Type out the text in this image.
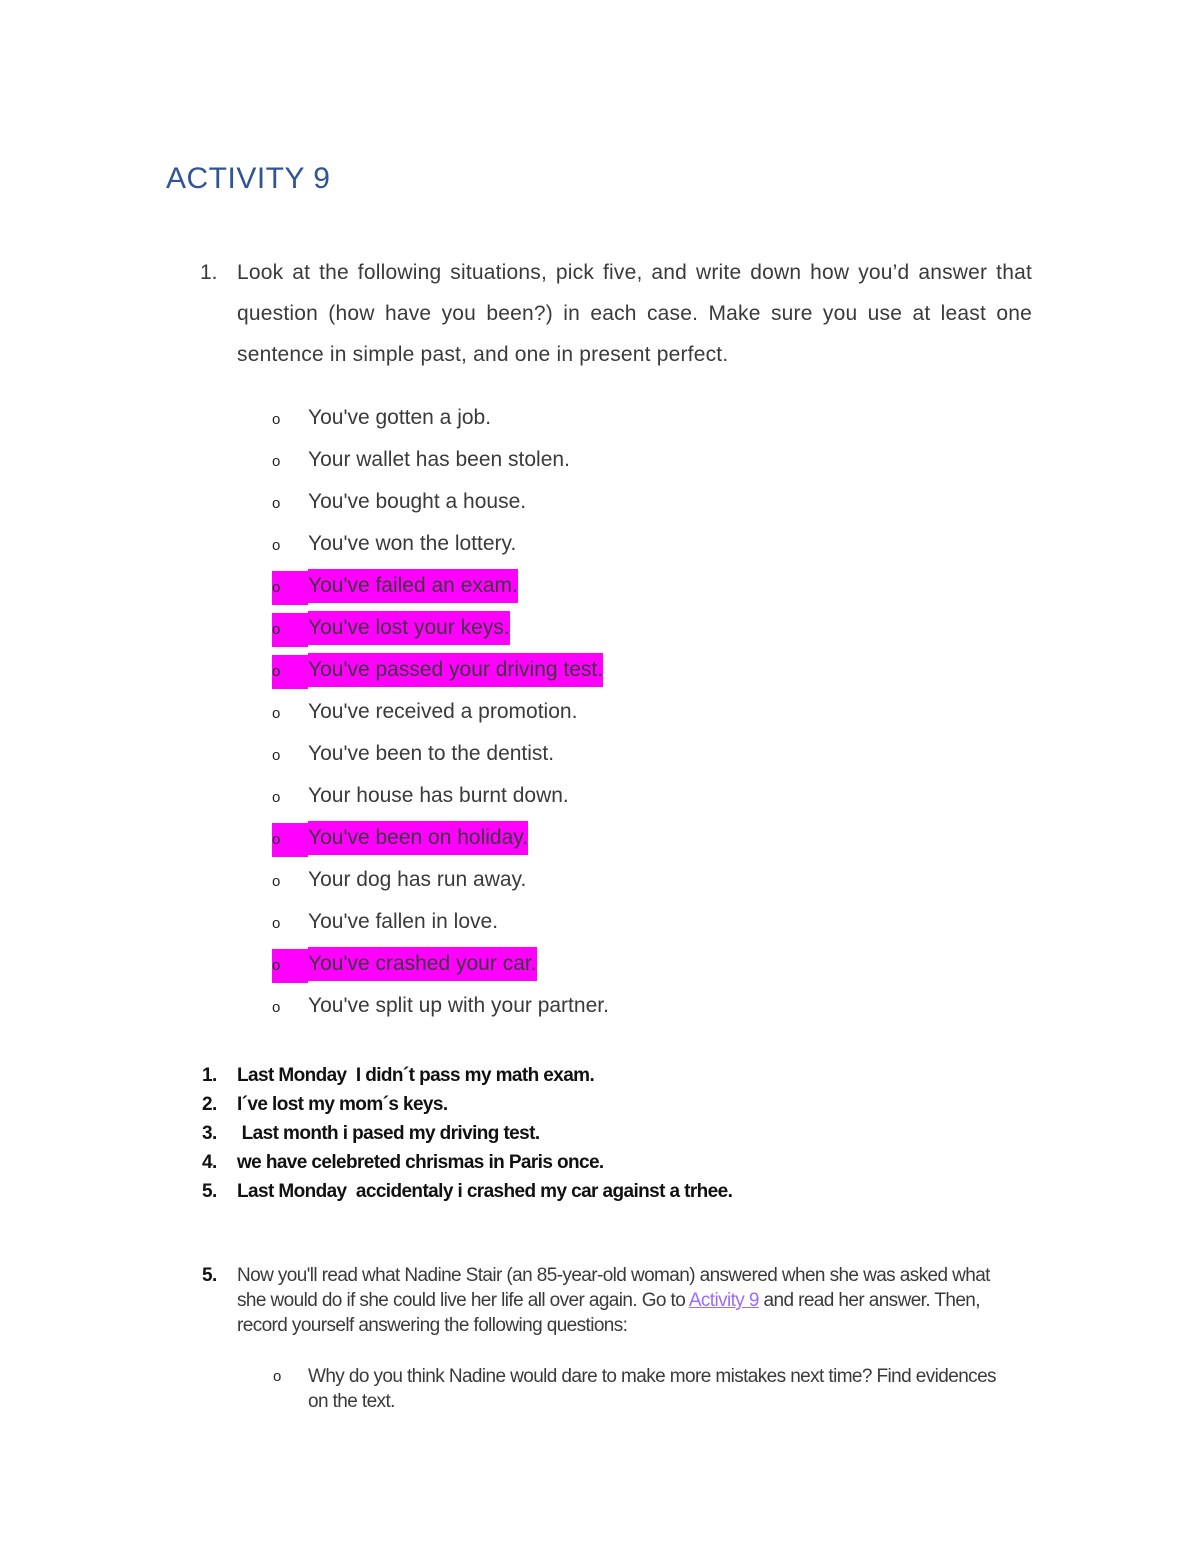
ACTIVITY 9
1. Look at the following situations, pick five, and write down how you’d answer that question (how have you been?) in each case. Make sure you use at least one sentence in simple past, and one in present perfect.
o You've gotten a job.
o Your wallet has been stolen.
o You've bought a house.
o You've won the lottery.
o You've failed an exam.
o You've lost your keys.
o You've passed your driving test.
o You've received a promotion.
o You've been to the dentist.
o Your house has burnt down.
o You've been on holiday.
o Your dog has run away.
o You've fallen in love.
o You've crashed your car.
o You've split up with your partner.
1. Last Monday  I didn´t pass my math exam.
2. I´ve lost my mom´s keys.
3. Last month i pased my driving test.
4. we have celebreted chrismas in Paris once.
5. Last Monday  accidentaly i crashed my car against a trhee.
5. Now you'll read what Nadine Stair (an 85-year-old woman) answered when she was asked what she would do if she could live her life all over again. Go to Activity 9 and read her answer. Then, record yourself answering the following questions:
o Why do you think Nadine would dare to make more mistakes next time? Find evidences on the text.
